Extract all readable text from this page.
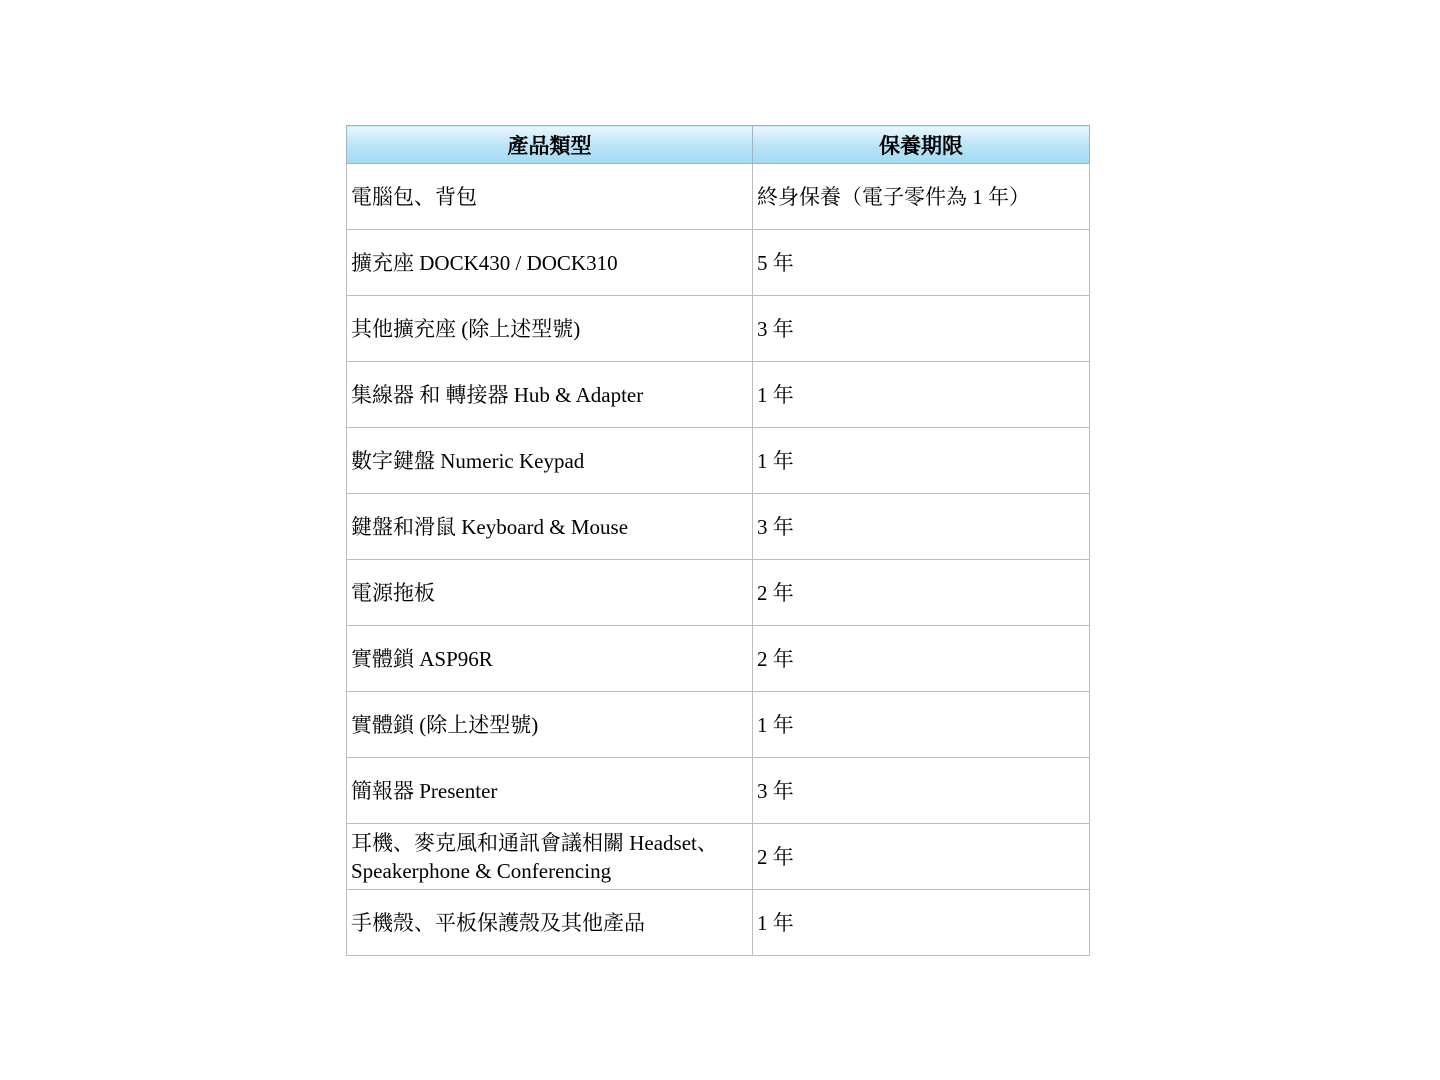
產品類型	保養期限
電腦包、背包	終身保養（電子零件為 1 年）
擴充座 DOCK430 / DOCK310	5 年
其他擴充座 (除上述型號)	3 年
集線器 和 轉接器 Hub & Adapter	1 年
數字鍵盤 Numeric Keypad	1 年
鍵盤和滑鼠 Keyboard & Mouse	3 年
電源拖板	2 年
實體鎖 ASP96R	2 年
實體鎖 (除上述型號)	1 年
簡報器 Presenter	3 年
耳機、麥克風和通訊會議相關 Headset、Speakerphone & Conferencing	2 年
手機殼、平板保護殼及其他產品	1 年
